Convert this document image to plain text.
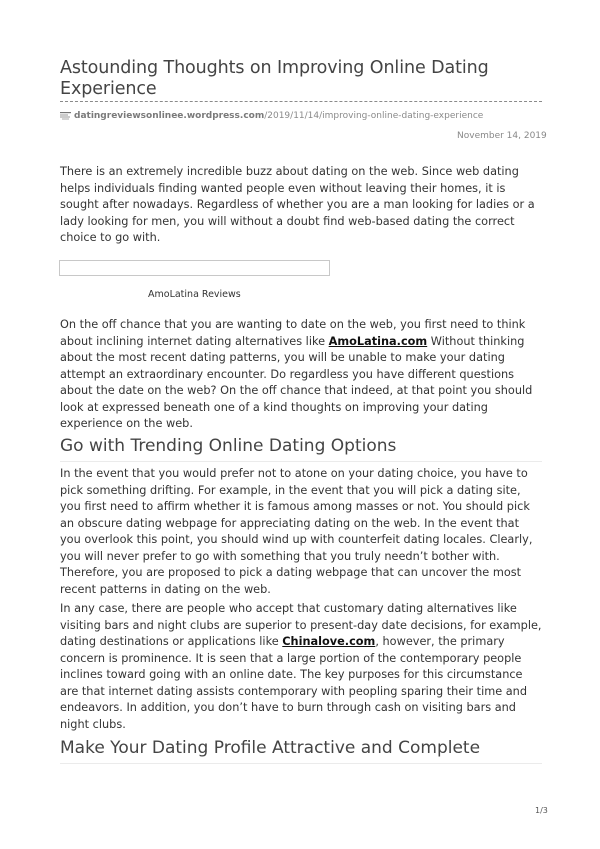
Astounding Thoughts on Improving Online Dating Experience
datingreviewsonlinee.wordpress.com /2019/11/14/improving-online-dating-experience
November 14, 2019

There is an extremely incredible buzz about dating on the web. Since web dating helps individuals finding wanted people even without leaving their homes, it is sought after nowadays. Regardless of whether you are a man looking for ladies or a lady looking for men, you will without a doubt find web-based dating the correct choice to go with.

AmoLatina Reviews

On the off chance that you are wanting to date on the web, you first need to think about inclining internet dating alternatives like AmoLatina.com Without thinking about the most recent dating patterns, you will be unable to make your dating attempt an extraordinary encounter. Do regardless you have different questions about the date on the web? On the off chance that indeed, at that point you should look at expressed beneath one of a kind thoughts on improving your dating experience on the web.

Go with Trending Online Dating Options

In the event that you would prefer not to atone on your dating choice, you have to pick something drifting. For example, in the event that you will pick a dating site, you first need to affirm whether it is famous among masses or not. You should pick an obscure dating webpage for appreciating dating on the web. In the event that you overlook this point, you should wind up with counterfeit dating locales. Clearly, you will never prefer to go with something that you truly needn’t bother with. Therefore, you are proposed to pick a dating webpage that can uncover the most recent patterns in dating on the web.

In any case, there are people who accept that customary dating alternatives like visiting bars and night clubs are superior to present-day date decisions, for example, dating destinations or applications like Chinalove.com, however, the primary concern is prominence. It is seen that a large portion of the contemporary people inclines toward going with an online date. The key purposes for this circumstance are that internet dating assists contemporary with peopling sparing their time and endeavors. In addition, you don’t have to burn through cash on visiting bars and night clubs.

Make Your Dating Profile Attractive and Complete
1/3
